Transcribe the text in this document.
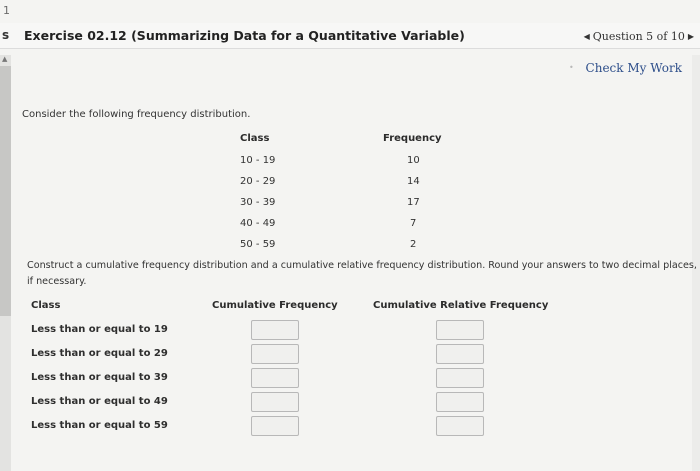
1
s Exercise 02.12 (Summarizing Data for a Quantitative Variable)	◀ Question 5 of 10 ▶
▲
• Check My Work
Consider the following frequency distribution.
Class	Frequency
10 - 19	10
20 - 29	14
30 - 39	17
40 - 49	7
50 - 59	2
Construct a cumulative frequency distribution and a cumulative relative frequency distribution. Round your answers to two decimal places, if necessary.
Class	Cumulative Frequency	Cumulative Relative Frequency
Less than or equal to 19
Less than or equal to 29
Less than or equal to 39
Less than or equal to 49
Less than or equal to 59
